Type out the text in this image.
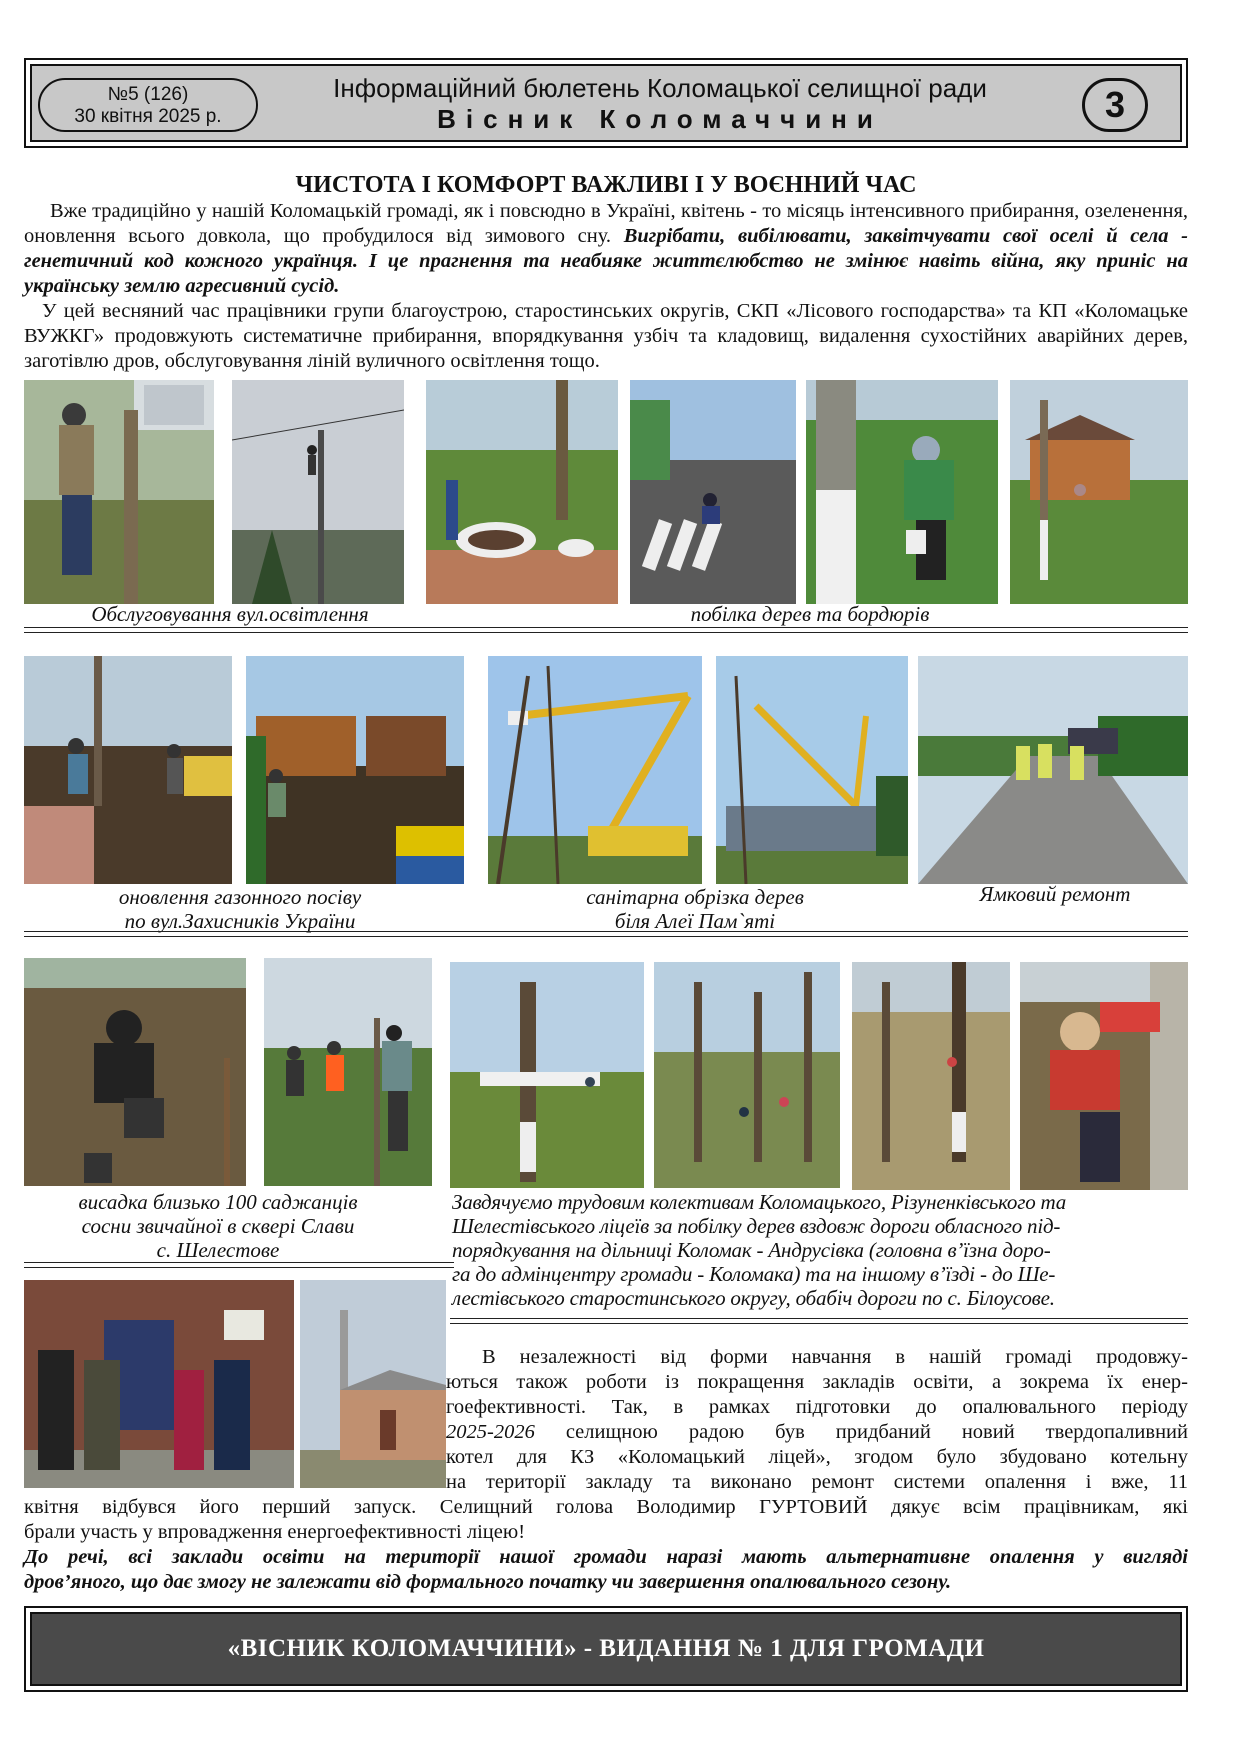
№5 (126)
30 квітня 2025 р.
Інформаційний бюлетень Коломацької селищної ради
Вісник Коломаччини	3
ЧИСТОТА І КОМФОРТ ВАЖЛИВІ І У ВОЄННИЙ ЧАС
Вже традиційно у нашій Коломацькій громаді, як і повсюдно в Україні, квітень - то місяць інтенсивного прибирання, озеленення, оновлення всього довкола, що пробудилося від зимового сну. Вигрібати, вибілювати, заквітчувати свої оселі й села - генетичний код кожного українця. І це прагнення та неабияке життєлюбство не змінює навіть війна, яку приніс на українську землю агресивний сусід.
У цей весняний час працівники групи благоустрою, старостинських округів, СКП «Лісового господарства» та КП «Коломацьке ВУЖКГ» продовжують систематичне прибирання, впорядкування узбіч та кладовищ, видалення сухостійних аварійних дерев, заготівлю дров, обслуговування ліній вуличного освітлення тощо.
Обслуговування вул.освітлення	побілка дерев та бордюрів
оновлення газонного посіву
по вул.Захисників України
санітарна обрізка дерев
біля Алеї Пам`яті
Ямковий ремонт
висадка близько 100 саджанців
сосни звичайної в сквері Слави
с. Шелестове
Завдячуємо трудовим колективам Коломацького, Різуненківського та
Шелестівського ліцеїв за побілку дерев вздовж дороги обласного під-
порядкування на дільниці Коломак - Андрусівка (головна в’їзна доро-
га до адмінцентру громади - Коломака) та на іншому в’їзді - до Ше-
лестівського старостинського округу, обабіч дороги по с. Білоусове.
В незалежності від форми навчання в нашій громаді продовжу-
ються також роботи із покращення закладів освіти, а зокрема їх енер-
гоефективності. Так, в рамках підготовки до опалювального періоду
2025-2026 селищною радою був придбаний новий твердопаливний
котел для КЗ «Коломацький ліцей», згодом було збудовано котельну
на території закладу та виконано ремонт системи опалення і вже, 11
квітня відбувся його перший запуск. Селищний голова Володимир ГУРТОВИЙ дякує всім працівникам, які
брали участь у впровадження енергоефективності ліцею!
До речі, всі заклади освіти на території нашої громади наразі мають альтернативне опалення у вигляді
дров’яного, що дає змогу не залежати від формального початку чи завершення опалювального сезону.
«ВІСНИК КОЛОМАЧЧИНИ» - ВИДАННЯ № 1 ДЛЯ ГРОМАДИ
